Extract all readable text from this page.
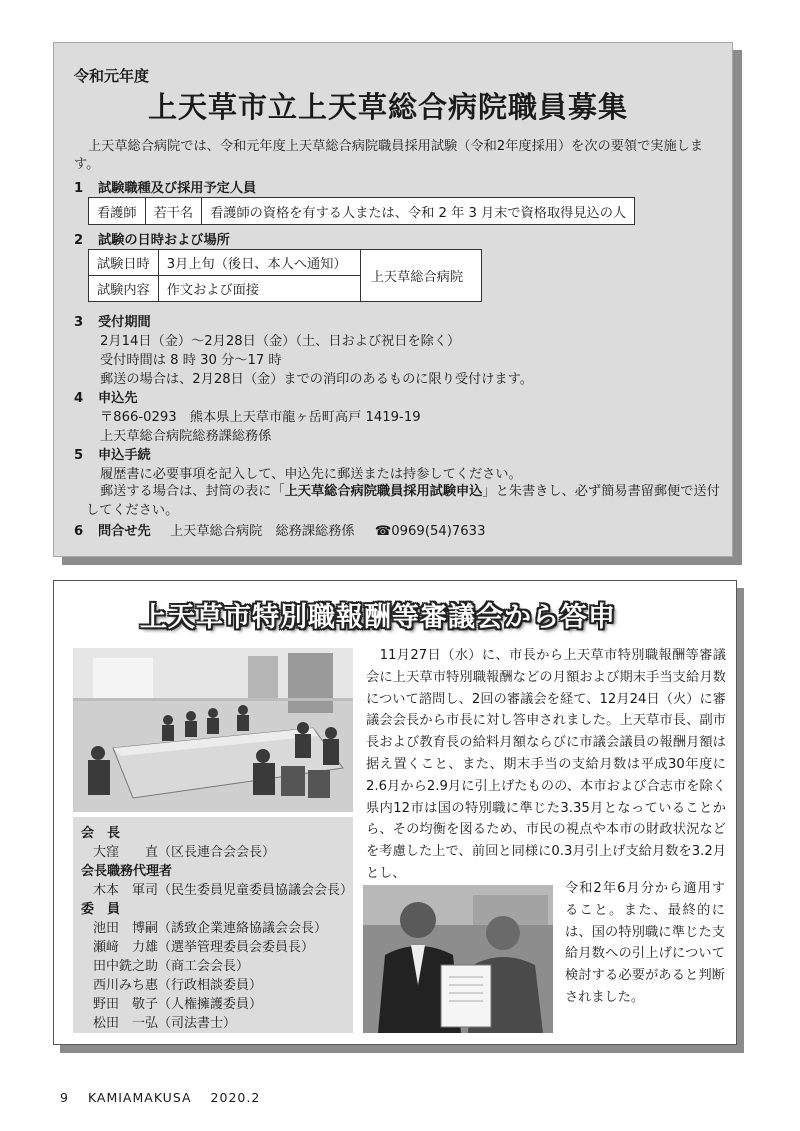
令和元年度
上天草市立上天草総合病院職員募集
上天草総合病院では、令和元年度上天草総合病院職員採用試験（令和2年度採用）を次の要領で実施します。
1 試験職種及び採用予定人員
看護師	若干名	看護師の資格を有する人または、令和 2 年 3 月末で資格取得見込の人
2 試験の日時および場所
試験日時	3月上旬（後日、本人へ通知）	上天草総合病院
試験内容	作文および面接	
3 受付期間
2月14日（金）～2月28日（金）（土、日および祝日を除く）
受付時間は 8 時 30 分～17 時
郵送の場合は、2月28日（金）までの消印のあるものに限り受付けます。
4 申込先
〒866-0293　熊本県上天草市龍ヶ岳町高戸 1419-19
上天草総合病院総務課総務係
5 申込手続
履歴書に必要事項を記入して、申込先に郵送または持参してください。
郵送する場合は、封筒の表に「上天草総合病院職員採用試験申込」と朱書きし、必ず簡易書留郵便で送付してください。
6 問合せ先 上天草総合病院　総務課総務係 ☎0969(54)7633
上天草市特別職報酬等審議会から答申
会　長
大窪　　直（区長連合会会長）
会長職務代理者
木本　軍司（民生委員児童委員協議会会長）
委　員
池田　博嗣（誘致企業連絡協議会会長）
瀬﨑　力雄（選挙管理委員会委員長）
田中銑之助（商工会会長）
西川みち惠（行政相談委員）
野田　敬子（人権擁護委員）
松田　一弘（司法書士）
　11月27日（水）に、市長から上天草市特別職報酬等審議会に上天草市特別職報酬などの月額および期末手当支給月数について諮問し、2回の審議会を経て、12月24日（火）に審議会会長から市長に対し答申されました。上天草市長、副市長および教育長の給料月額ならびに市議会議員の報酬月額は据え置くこと、また、期末手当の支給月数は平成30年度に2.6月から2.9月に引上げたものの、本市および合志市を除く県内12市は国の特別職に準じた3.35月となっていることから、その均衡を図るため、市民の視点や本市の財政状況などを考慮した上で、前回と同様に0.3月引上げ支給月数を3.2月とし、
令和2年6月分から適用すること。また、最終的には、国の特別職に準じた支給月数への引上げについて検討する必要があると判断されました。
9 KAMIAMAKUSA 2020.2
